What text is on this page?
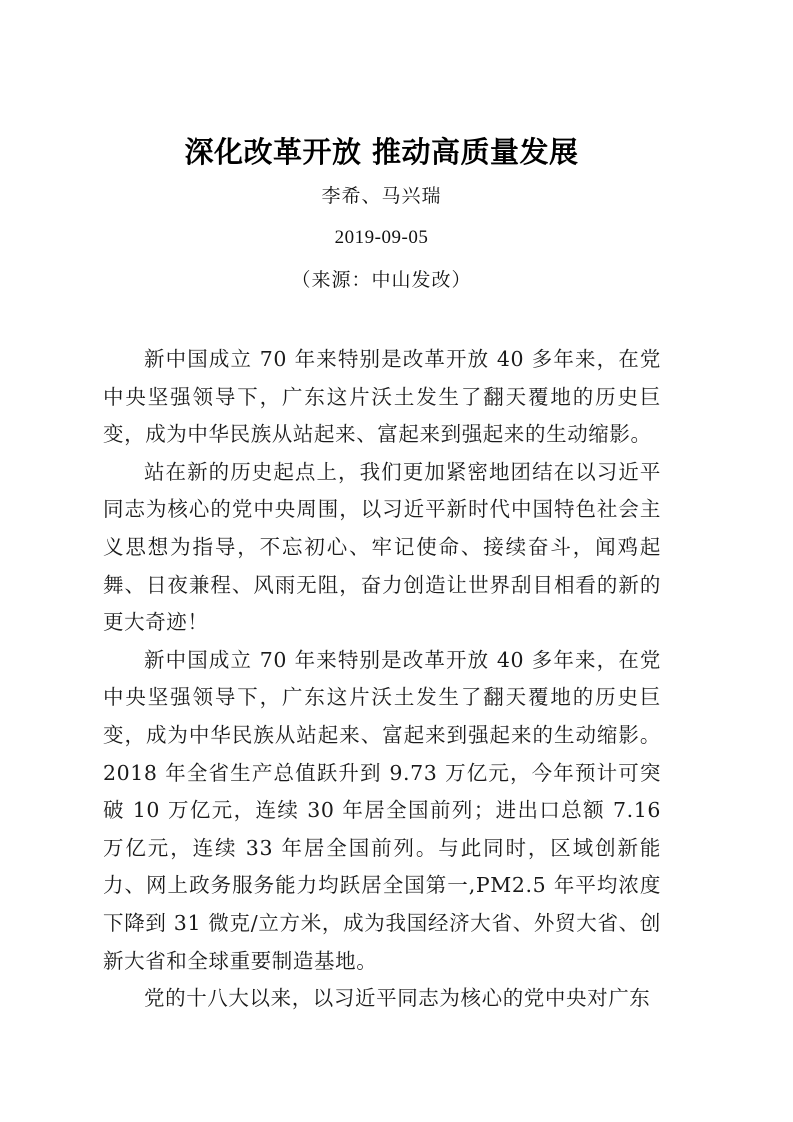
深化改革开放 推动高质量发展
李希、马兴瑞
2019-09-05
（来源：中山发改）

新中国成立 70 年来特别是改革开放 40 多年来，在党中央坚强领导下，广东这片沃土发生了翻天覆地的历史巨变，成为中华民族从站起来、富起来到强起来的生动缩影。

站在新的历史起点上，我们更加紧密地团结在以习近平同志为核心的党中央周围，以习近平新时代中国特色社会主义思想为指导，不忘初心、牢记使命、接续奋斗，闻鸡起舞、日夜兼程、风雨无阻，奋力创造让世界刮目相看的新的更大奇迹！

新中国成立 70 年来特别是改革开放 40 多年来，在党中央坚强领导下，广东这片沃土发生了翻天覆地的历史巨变，成为中华民族从站起来、富起来到强起来的生动缩影。2018 年全省生产总值跃升到 9.73 万亿元，今年预计可突破 10 万亿元，连续 30 年居全国前列；进出口总额 7.16 万亿元，连续 33 年居全国前列。与此同时，区域创新能力、网上政务服务能力均跃居全国第一,PM2.5 年平均浓度下降到 31 微克/立方米，成为我国经济大省、外贸大省、创新大省和全球重要制造基地。

党的十八大以来，以习近平同志为核心的党中央对广东
